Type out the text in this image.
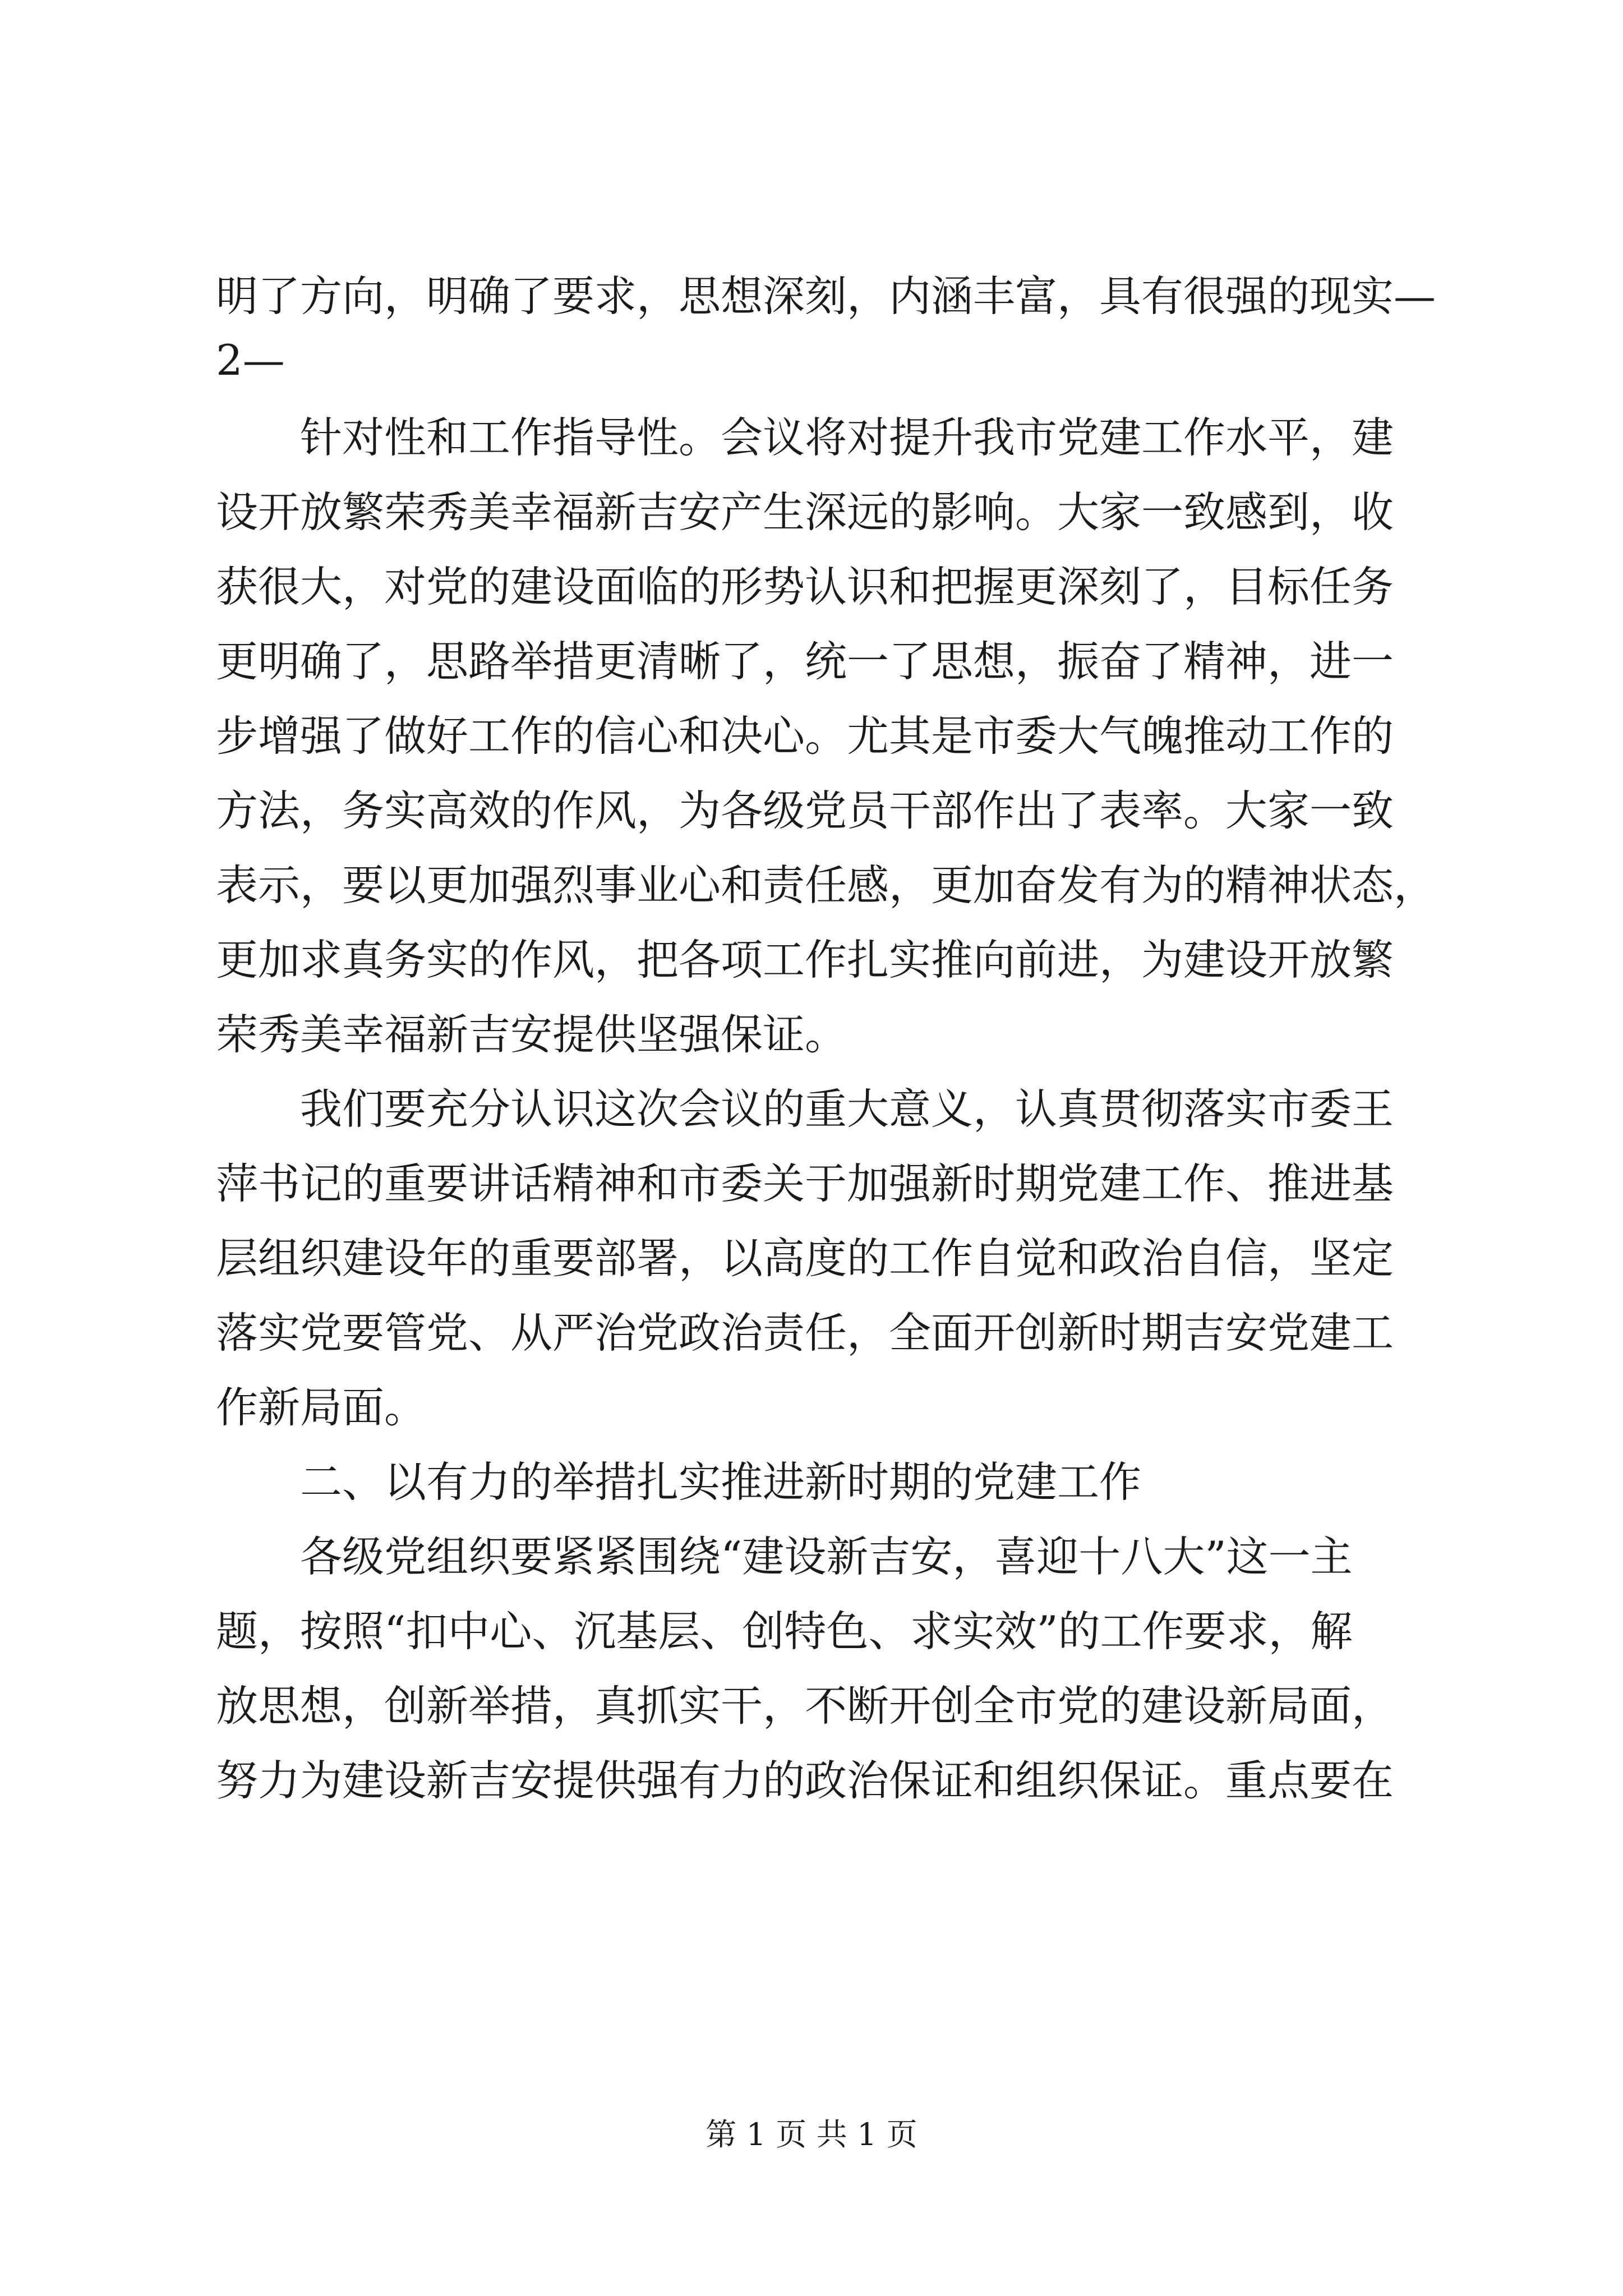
明了方向，明确了要求，思想深刻，内涵丰富，具有很强的现实—
2—
针对性和工作指导性。会议将对提升我市党建工作水平，建
设开放繁荣秀美幸福新吉安产生深远的影响。大家一致感到，收
获很大，对党的建设面临的形势认识和把握更深刻了，目标任务
更明确了，思路举措更清晰了，统一了思想，振奋了精神，进一
步增强了做好工作的信心和决心。尤其是市委大气魄推动工作的
方法，务实高效的作风，为各级党员干部作出了表率。大家一致
表示，要以更加强烈事业心和责任感，更加奋发有为的精神状态，
更加求真务实的作风，把各项工作扎实推向前进，为建设开放繁
荣秀美幸福新吉安提供坚强保证。
我们要充分认识这次会议的重大意义，认真贯彻落实市委王
萍书记的重要讲话精神和市委关于加强新时期党建工作、推进基
层组织建设年的重要部署，以高度的工作自觉和政治自信，坚定
落实党要管党、从严治党政治责任，全面开创新时期吉安党建工
作新局面。
二、以有力的举措扎实推进新时期的党建工作
各级党组织要紧紧围绕“建设新吉安，喜迎十八大”这一主
题，按照“扣中心、沉基层、创特色、求实效”的工作要求，解
放思想，创新举措，真抓实干，不断开创全市党的建设新局面，
努力为建设新吉安提供强有力的政治保证和组织保证。重点要在
第 1 页 共 1 页
